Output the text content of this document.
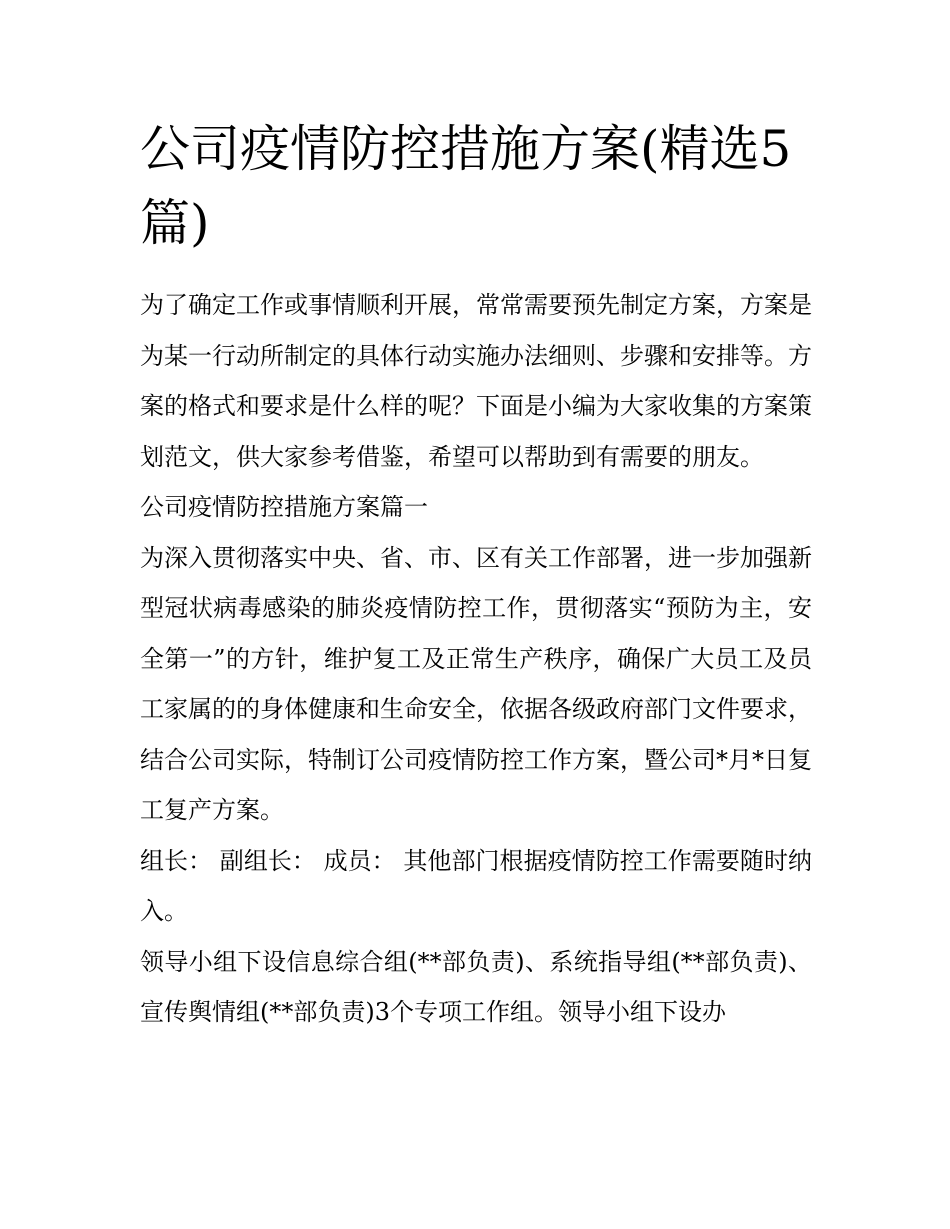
公司疫情防控措施方案(精选5篇)

为了确定工作或事情顺利开展，常常需要预先制定方案，方案是为某一行动所制定的具体行动实施办法细则、步骤和安排等。方案的格式和要求是什么样的呢？下面是小编为大家收集的方案策划范文，供大家参考借鉴，希望可以帮助到有需要的朋友。

公司疫情防控措施方案篇一

为深入贯彻落实中央、省、市、区有关工作部署，进一步加强新型冠状病毒感染的肺炎疫情防控工作，贯彻落实“预防为主，安全第一”的方针，维护复工及正常生产秩序，确保广大员工及员工家属的的身体健康和生命安全，依据各级政府部门文件要求，结合公司实际，特制订公司疫情防控工作方案，暨公司*月*日复工复产方案。

组长： 副组长： 成员： 其他部门根据疫情防控工作需要随时纳入。

领导小组下设信息综合组(**部负责)、系统指导组(**部负责)、宣传舆情组(**部负责)3个专项工作组。领导小组下设办
